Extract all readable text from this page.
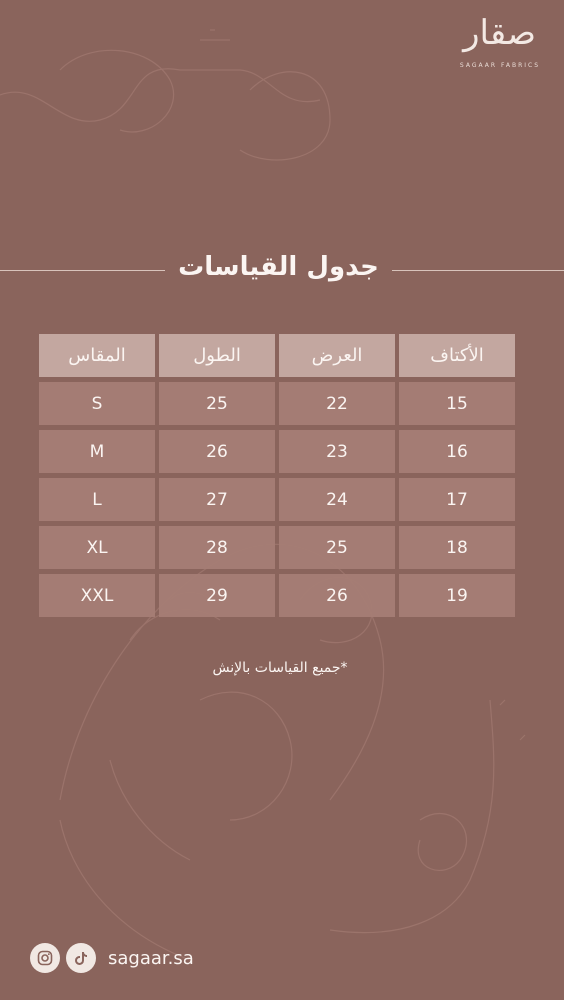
صقار
SAGAAR FABRICS
جدول القياسات
المقاس	الطول	العرض	الأكتاف
S	25	22	15
M	26	23	16
L	27	24	17
XL	28	25	18
XXL	29	26	19
*جميع القياسات بالإنش
sagaar.sa
